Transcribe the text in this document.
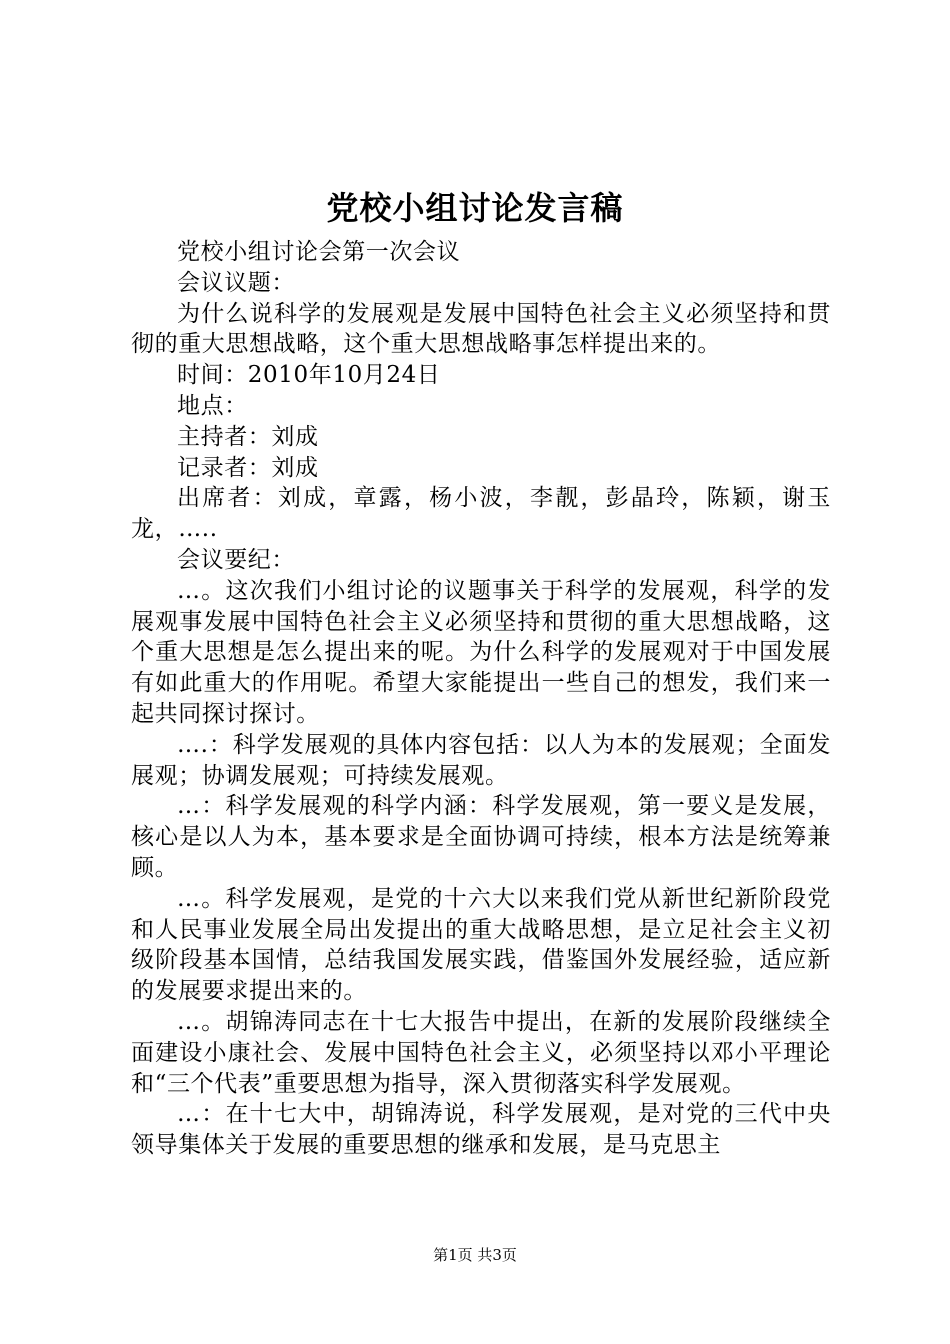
党校小组讨论发言稿

党校小组讨论会第一次会议

会议议题：

为什么说科学的发展观是发展中国特色社会主义必须坚持和贯彻的重大思想战略，这个重大思想战略事怎样提出来的。

时间：2010年10月24日

地点：

主持者：刘成

记录者：刘成

出席者：刘成，章露，杨小波，李靓，彭晶玲，陈颖，谢玉龙，…..

会议要纪：

…。这次我们小组讨论的议题事关于科学的发展观，科学的发展观事发展中国特色社会主义必须坚持和贯彻的重大思想战略，这个重大思想是怎么提出来的呢。为什么科学的发展观对于中国发展有如此重大的作用呢。希望大家能提出一些自己的想发，我们来一起共同探讨探讨。

….：科学发展观的具体内容包括：以人为本的发展观；全面发展观；协调发展观；可持续发展观。

…：科学发展观的科学内涵：科学发展观，第一要义是发展，核心是以人为本，基本要求是全面协调可持续，根本方法是统筹兼顾。

…。科学发展观，是党的十六大以来我们党从新世纪新阶段党和人民事业发展全局出发提出的重大战略思想，是立足社会主义初级阶段基本国情，总结我国发展实践，借鉴国外发展经验，适应新的发展要求提出来的。

…。胡锦涛同志在十七大报告中提出，在新的发展阶段继续全面建设小康社会、发展中国特色社会主义，必须坚持以邓小平理论和“三个代表”重要思想为指导，深入贯彻落实科学发展观。

…：在十七大中，胡锦涛说，科学发展观，是对党的三代中央领导集体关于发展的重要思想的继承和发展，是马克思主

第1页 共3页
